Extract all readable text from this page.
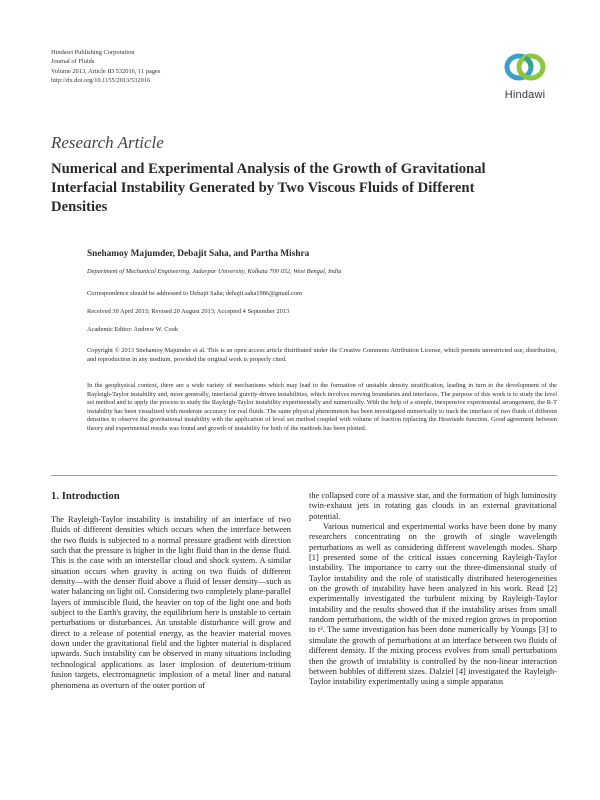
Hindawi Publishing Corporation
Journal of Fluids
Volume 2013, Article ID 532016, 11 pages
http://dx.doi.org/10.1155/2013/532016
Hindawi
Research Article
Numerical and Experimental Analysis of the Growth of Gravitational Interfacial Instability Generated by Two Viscous Fluids of Different Densities
Snehamoy Majumder, Debajit Saha, and Partha Mishra
Department of Mechanical Engineering, Jadavpur University, Kolkata 700 032, West Bengal, India
Correspondence should be addressed to Debajit Saha; dehajit.saha1986@gmail.com
Received 30 April 2013; Revised 20 August 2013; Accepted 4 September 2013
Academic Editor: Andrew W. Cook
Copyright © 2013 Snehamoy Majumder et al. This is an open access article distributed under the Creative Commons Attribution License, which permits unrestricted use, distribution, and reproduction in any medium, provided the original work is properly cited.
In the geophysical context, there are a wide variety of mechanisms which may lead to the formation of unstable density stratification, leading in turn to the development of the Rayleigh-Taylor instability and, more generally, interfacial gravity-driven instabilities, which involves moving boundaries and interfaces. The purpose of this work is to study the level set method and to apply the process to study the Rayleigh-Taylor instability experimentally and numerically. With the help of a simple, inexpensive experimental arrangement, the R-T instability has been visualized with moderate accuracy for real fluids. The same physical phenomenon has been investigated numerically to track the interface of two fluids of different densities to observe the gravitational instability with the application of level set method coupled with volume of fraction replacing the Heaviside function. Good agreement between theory and experimental results was found and growth of instability for both of the methods has been plotted.
1. Introduction

The Rayleigh-Taylor instability is instability of an interface of two fluids of different densities which occurs when the interface between the two fluids is subjected to a normal pressure gradient with direction such that the pressure is higher in the light fluid than in the dense fluid. This is the case with an interstellar cloud and shock system. A similar situation occurs when gravity is acting on two fluids of different density—with the denser fluid above a fluid of lesser density—such as water balancing on light oil. Considering two completely plane-parallel layers of immiscible fluid, the heavier on top of the light one and both subject to the Earth's gravity, the equilibrium here is unstable to certain perturbations or disturbances. An unstable disturbance will grow and direct to a release of potential energy, as the heavier material moves down under the gravitational field and the lighter material is displaced upwards. Such instability can be observed in many situations including technological applications as laser implosion of deuterium-tritium fusion targets, electromagnetic implosion of a metal liner and natural phenomena as overturn of the outer portion of

the collapsed core of a massive star, and the formation of high luminosity twin-exhaust jets in rotating gas clouds in an external gravitational potential.

Various numerical and experimental works have been done by many researchers concentrating on the growth of single wavelength perturbations as well as considering different wavelength modes. Sharp [1] presented some of the critical issues concerning Rayleigh-Taylor instability. The importance to carry out the three-dimensional study of Taylor instability and the role of statistically distributed heterogeneities on the growth of instability have been analyzed in his work. Read [2] experimentally investigated the turbulent mixing by Rayleigh-Taylor instability and the results showed that if the instability arises from small random perturbations, the width of the mixed region grows in proportion to t². The same investigation has been done numerically by Youngs [3] to simulate the growth of perturbations at an interface between two fluids of different density. If the mixing process evolves from small perturbations then the growth of instability is controlled by the non-linear interaction between bubbles of different sizes. Dalziel [4] investigated the Rayleigh-Taylor instability experimentally using a simple apparatus
